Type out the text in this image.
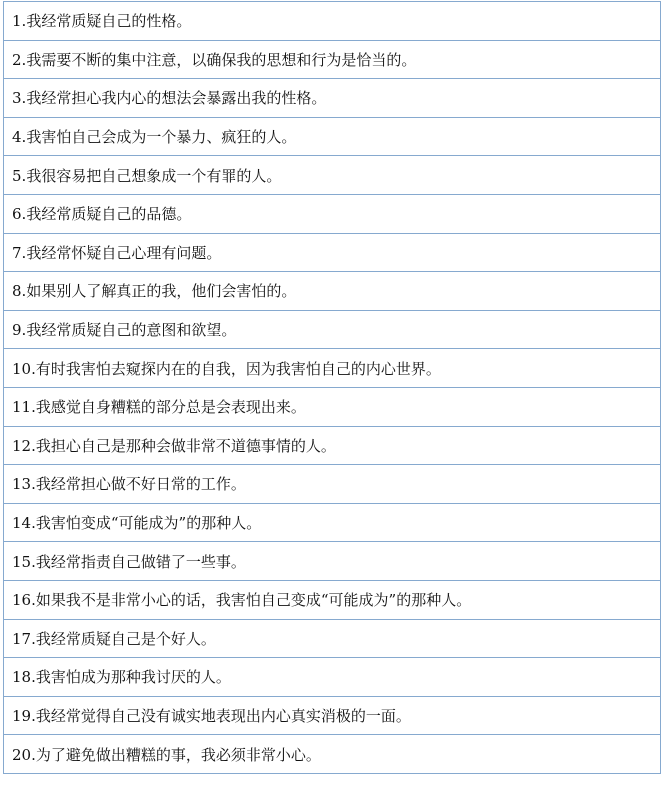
1.我经常质疑自己的性格。
2.我需要不断的集中注意，以确保我的思想和行为是恰当的。
3.我经常担心我内心的想法会暴露出我的性格。
4.我害怕自己会成为一个暴力、疯狂的人。
5.我很容易把自己想象成一个有罪的人。
6.我经常质疑自己的品德。
7.我经常怀疑自己心理有问题。
8.如果别人了解真正的我，他们会害怕的。
9.我经常质疑自己的意图和欲望。
10.有时我害怕去窥探内在的自我，因为我害怕自己的内心世界。
11.我感觉自身糟糕的部分总是会表现出来。
12.我担心自己是那种会做非常不道德事情的人。
13.我经常担心做不好日常的工作。
14.我害怕变成“可能成为”的那种人。
15.我经常指责自己做错了一些事。
16.如果我不是非常小心的话，我害怕自己变成“可能成为”的那种人。
17.我经常质疑自己是个好人。
18.我害怕成为那种我讨厌的人。
19.我经常觉得自己没有诚实地表现出内心真实消极的一面。
20.为了避免做出糟糕的事，我必须非常小心。
